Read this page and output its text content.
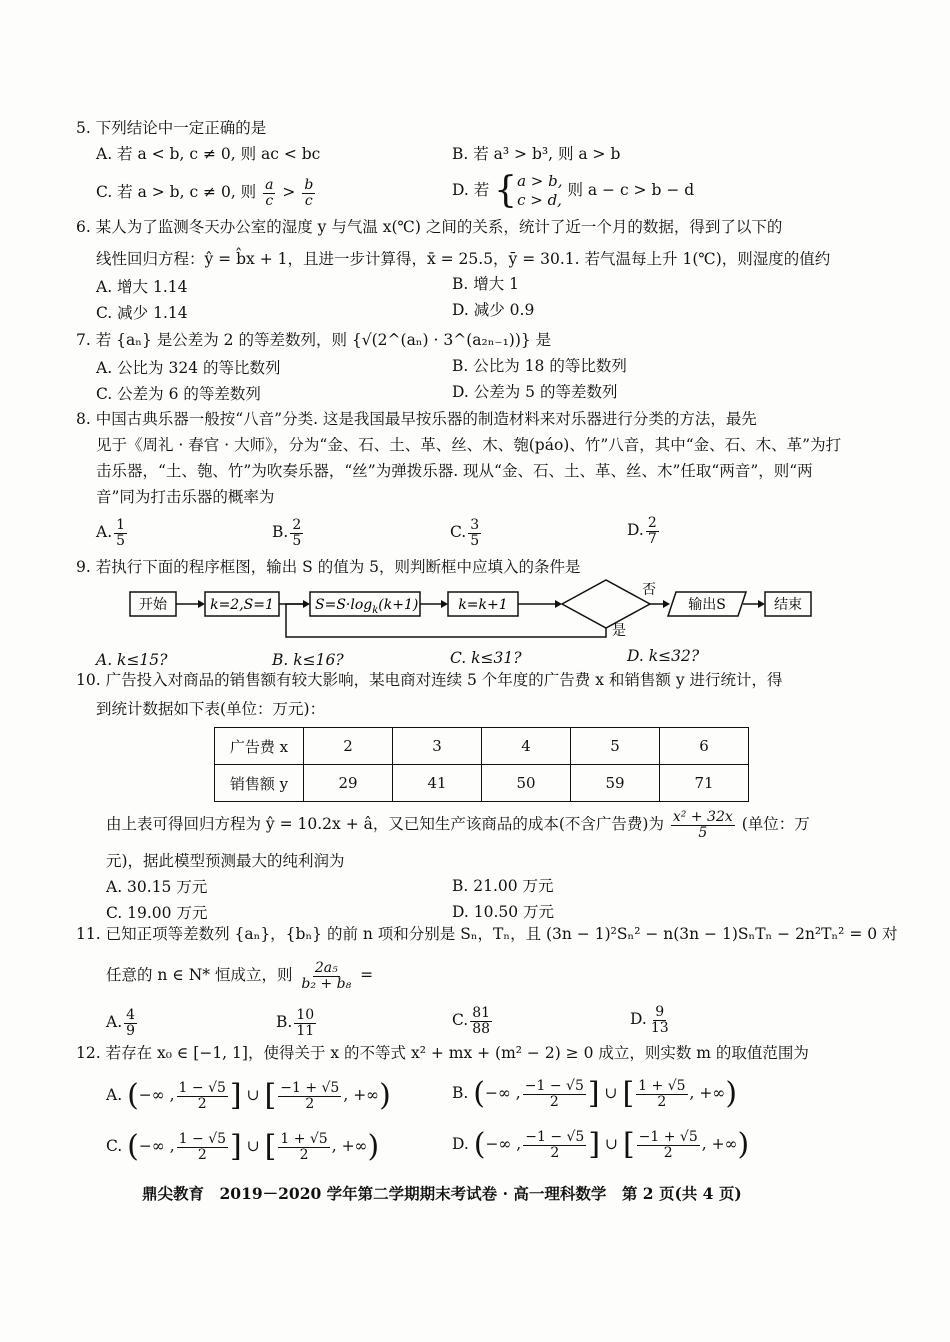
5. 下列结论中一定正确的是
A. 若 a < b, c ≠ 0, 则 ac < bc	B. 若 a³ > b³, 则 a > b
C. 若 a > b, c ≠ 0, 则 $\frac{a}{c} > \frac{b}{c}$	D. 若 { a > b,
c > d,
则 a − c > b − d
6. 某人为了监测冬天办公室的湿度 y 与气温 x(℃) 之间的关系，统计了近一个月的数据，得到了以下的
线性回归方程：ŷ = b̂x + 1，且进一步计算得，x̄ = 25.5，ȳ = 30.1. 若气温每上升 1(℃)，则湿度的值约
A. 增大 1.14	B. 增大 1
C. 减少 1.14	D. 减少 0.9
7. 若 {aₙ} 是公差为 2 的等差数列，则 {√(2^(aₙ) · 3^(a₂ₙ₋₁))} 是
A. 公比为 324 的等比数列	B. 公比为 18 的等比数列
C. 公差为 6 的等差数列	D. 公差为 5 的等差数列
8. 中国古典乐器一般按“八音”分类. 这是我国最早按乐器的制造材料来对乐器进行分类的方法，最先
见于《周礼 · 春官 · 大师》，分为“金、石、土、革、丝、木、匏(páo)、竹”八音，其中“金、石、木、革”为打
击乐器，“土、匏、竹”为吹奏乐器，“丝”为弹拨乐器. 现从“金、石、土、革、丝、木”任取“两音”，则“两
音”同为打击乐器的概率为
A. $\frac{1}{5}$	B. $\frac{2}{5}$	C. $\frac{3}{5}$	D. $\frac{2}{7}$
9. 若执行下面的程序框图，输出 S 的值为 5，则判断框中应填入的条件是
开始	k=2,S=1	$S=S\cdot\log_k(k+1)$	k=k+1
否
输出S	结束
是
A. k≤15?	B. k≤16?	C. k≤31?	D. k≤32?
10. 广告投入对商品的销售额有较大影响，某电商对连续 5 个年度的广告费 x 和销售额 y 进行统计，得
到统计数据如下表(单位：万元)：
广告费 x	2	3	4	5	6
销售额 y	29	41	50	59	71
由上表可得回归方程为 ŷ = 10.2x + â，又已知生产该商品的成本(不含广告费)为 $\frac{\text{x² + 32x}}{5}$ (单位：万
元)，据此模型预测最大的纯利润为
A. 30.15 万元	B. 21.00 万元
C. 19.00 万元	D. 10.50 万元
11. 已知正项等差数列 {aₙ}，{bₙ} 的前 n 项和分别是 Sₙ，Tₙ，且 (3n − 1)²Sₙ² − n(3n − 1)SₙTₙ − 2n²Tₙ² = 0 对
任意的 n ∈ N* 恒成立，则 $\frac{\text{2a₅}}{\text{b₂ + b₈}}$ =
A. $\frac{4}{9}$	B. $\frac{10}{11}$	C. $\frac{81}{88}$	D. $\frac{9}{13}$
12. 若存在 x₀ ∈ [−1, 1]，使得关于 x 的不等式 x² + mx + (m² − 2) ≥ 0 成立，则实数 m 的取值范围为
A. (−∞ , $\frac{1 - √5}{2}$ ] ∪ [ $\frac{-1 + √5}{2}$ , +∞)	B. (−∞ , $\frac{-1 - √5}{2}$ ] ∪ [ $\frac{1 + √5}{2}$ , +∞)
C. (−∞ , $\frac{1 - √5}{2}$ ] ∪ [ $\frac{1 + √5}{2}$ , +∞)	D. (−∞ , $\frac{-1 - √5}{2}$ ] ∪ [ $\frac{-1 + √5}{2}$ , +∞)
鼎尖教育　2019－2020 学年第二学期期末考试卷 · 高一理科数学　第 2 页(共 4 页)
